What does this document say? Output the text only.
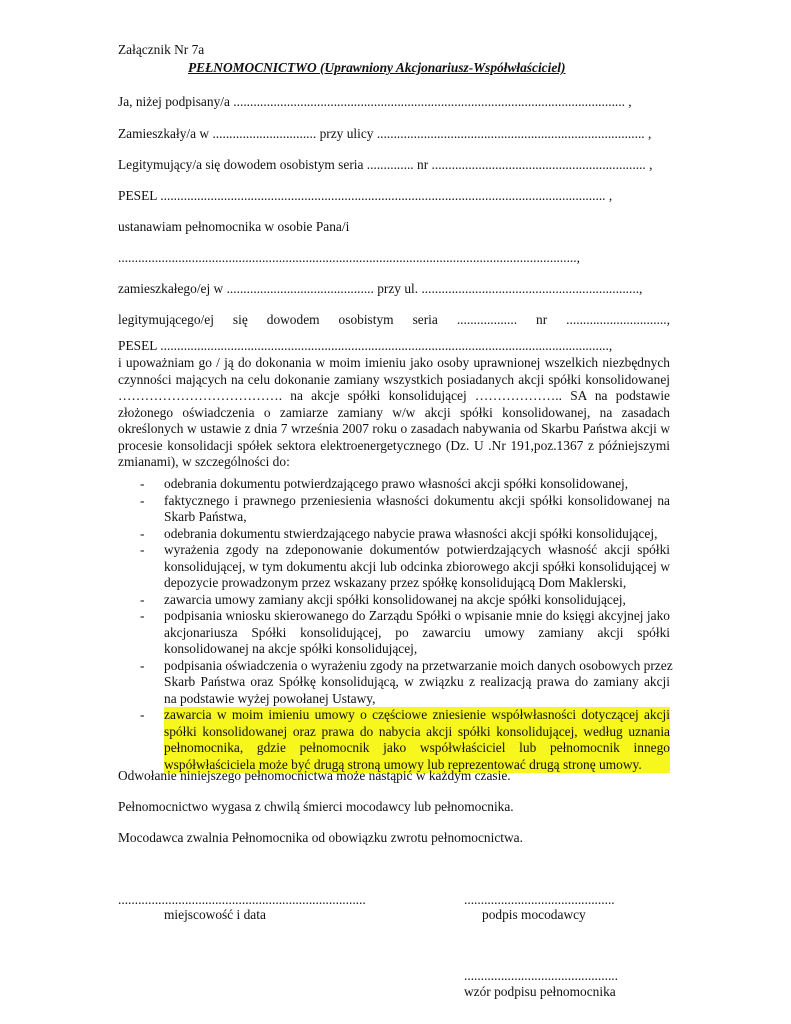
Załącznik Nr 7a
PEŁNOMOCNICTWO (Uprawniony Akcjonariusz-Współwłaściciel)
Ja, niżej podpisany/a ..................................................................................................................... ,
Zamieszkały/a w ............................... przy ulicy ................................................................................ ,
Legitymujący/a się dowodem osobistym seria .............. nr ................................................................ ,
PESEL ..................................................................................................................................... ,
ustanawiam pełnomocnika w osobie Pana/i
.........................................................................................................................................,
zamieszkałego/ej w ............................................ przy ul. .................................................................,
legitymującego/ej się dowodem osobistym seria .................. nr ..............................,
PESEL ......................................................................................................................................,
i upoważniam go / ją do dokonania w moim imieniu jako osoby uprawnionej wszelkich niezbędnych
czynności mających na celu dokonanie zamiany wszystkich posiadanych akcji spółki konsolidowanej
………………………………. na akcje spółki konsolidującej ……………….. SA na podstawie
złożonego oświadczenia o zamiarze zamiany w/w akcji spółki konsolidowanej, na zasadach
określonych w ustawie z dnia 7 września 2007 roku o zasadach nabywania od Skarbu Państwa akcji w
procesie konsolidacji spółek sektora elektroenergetycznego (Dz. U .Nr 191,poz.1367 z późniejszymi
zmianami), w szczególności do:
- odebrania dokumentu potwierdzającego prawo własności akcji spółki konsolidowanej,
- faktycznego i prawnego przeniesienia własności dokumentu akcji spółki konsolidowanej na
Skarb Państwa,
- odebrania dokumentu stwierdzającego nabycie prawa własności akcji spółki konsolidującej,
- wyrażenia zgody na zdeponowanie dokumentów potwierdzających własność akcji spółki
konsolidującej, w tym dokumentu akcji lub odcinka zbiorowego akcji spółki konsolidującej w
depozycie prowadzonym przez wskazany przez spółkę konsolidującą Dom Maklerski,
- zawarcia umowy zamiany akcji spółki konsolidowanej na akcje spółki konsolidującej,
- podpisania wniosku skierowanego do Zarządu Spółki o wpisanie mnie do księgi akcyjnej jako
akcjonariusza Spółki konsolidującej, po zawarciu umowy zamiany akcji spółki
konsolidowanej na akcje spółki konsolidującej,
- podpisania oświadczenia o wyrażeniu zgody na przetwarzanie moich danych osobowych przez
Skarb Państwa oraz Spółkę konsolidującą, w związku z realizacją prawa do zamiany akcji
na podstawie wyżej powołanej Ustawy,
- zawarcia w moim imieniu umowy o częściowe zniesienie współwłasności dotyczącej akcji
spółki konsolidowanej oraz prawa do nabycia akcji spółki konsolidującej, według uznania
pełnomocnika, gdzie pełnomocnik jako współwłaściciel lub pełnomocnik innego
współwłaściciela może być drugą stroną umowy lub reprezentować drugą stronę umowy.
Odwołanie niniejszego pełnomocnictwa może nastąpić w każdym czasie.
Pełnomocnictwo wygasa z chwilą śmierci mocodawcy lub pełnomocnika.
Mocodawca zwalnia Pełnomocnika od obowiązku zwrotu pełnomocnictwa.
..........................................................................
miejscowość i data
.............................................
podpis mocodawcy
..............................................
wzór podpisu pełnomocnika
